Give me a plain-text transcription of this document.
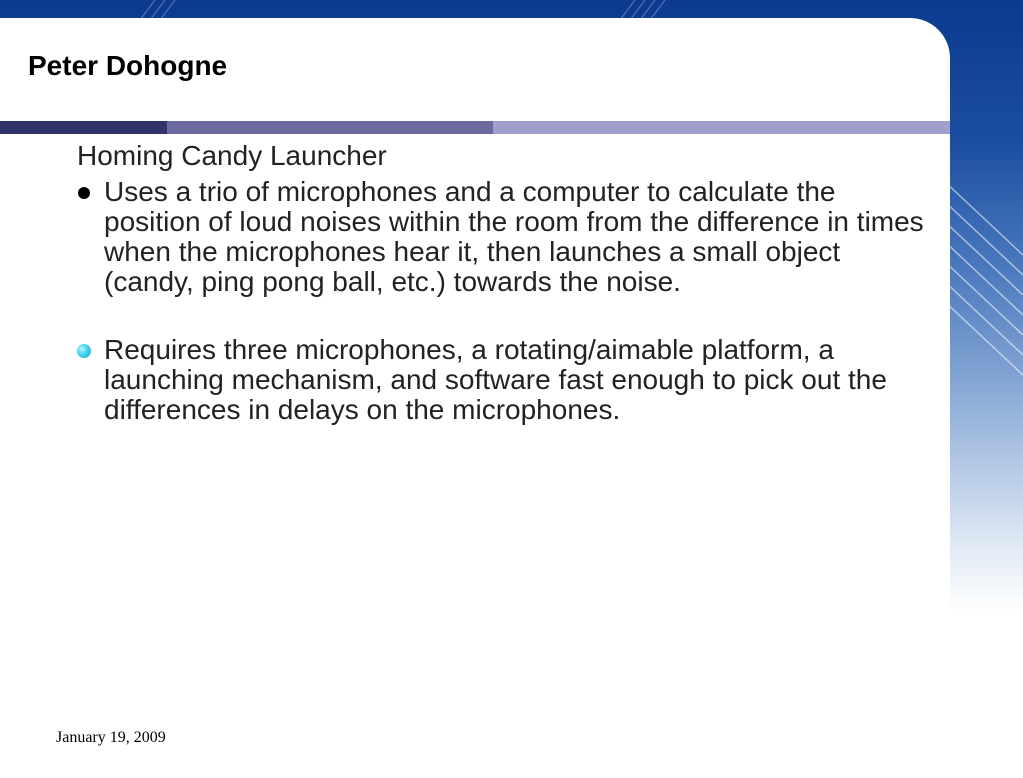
Peter Dohogne

Homing Candy Launcher

Uses a trio of microphones and a computer to calculate the position of loud noises within the room from the difference in times when the microphones hear it, then launches a small object (candy, ping pong ball, etc.) towards the noise.

Requires three microphones, a rotating/aimable platform, a launching mechanism, and software fast enough to pick out the differences in delays on the microphones.

January 19, 2009
